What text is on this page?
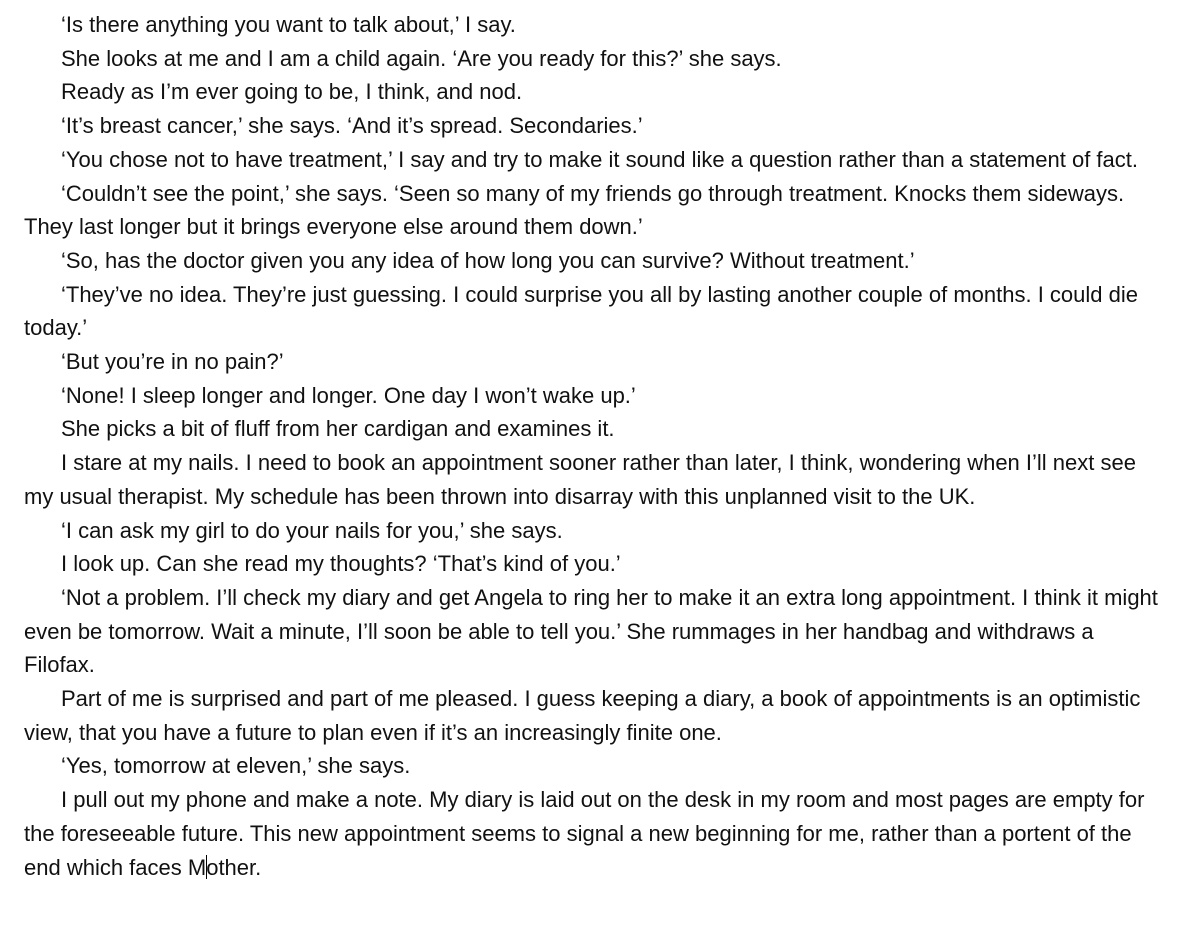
‘Is there anything you want to talk about,’ I say.

She looks at me and I am a child again. ‘Are you ready for this?’ she says.

Ready as I’m ever going to be, I think, and nod.

‘It’s breast cancer,’ she says. ‘And it’s spread. Secondaries.’

‘You chose not to have treatment,’ I say and try to make it sound like a question rather than a statement of fact.

‘Couldn’t see the point,’ she says. ‘Seen so many of my friends go through treatment. Knocks them sideways. They last longer but it brings everyone else around them down.’

‘So, has the doctor given you any idea of how long you can survive? Without treatment.’

‘They’ve no idea. They’re just guessing. I could surprise you all by lasting another couple of months. I could die today.’

‘But you’re in no pain?’

‘None! I sleep longer and longer. One day I won’t wake up.’

She picks a bit of fluff from her cardigan and examines it.

I stare at my nails. I need to book an appointment sooner rather than later, I think, wondering when I’ll next see my usual therapist. My schedule has been thrown into disarray with this unplanned visit to the UK.

‘I can ask my girl to do your nails for you,’ she says.

I look up. Can she read my thoughts? ‘That’s kind of you.’

‘Not a problem. I’ll check my diary and get Angela to ring her to make it an extra long appointment. I think it might even be tomorrow. Wait a minute, I’ll soon be able to tell you.’ She rummages in her handbag and withdraws a Filofax.

Part of me is surprised and part of me pleased. I guess keeping a diary, a book of appointments is an optimistic view, that you have a future to plan even if it’s an increasingly finite one.

‘Yes, tomorrow at eleven,’ she says.

I pull out my phone and make a note. My diary is laid out on the desk in my room and most pages are empty for the foreseeable future. This new appointment seems to signal a new beginning for me, rather than a portent of the end which faces Mother.
